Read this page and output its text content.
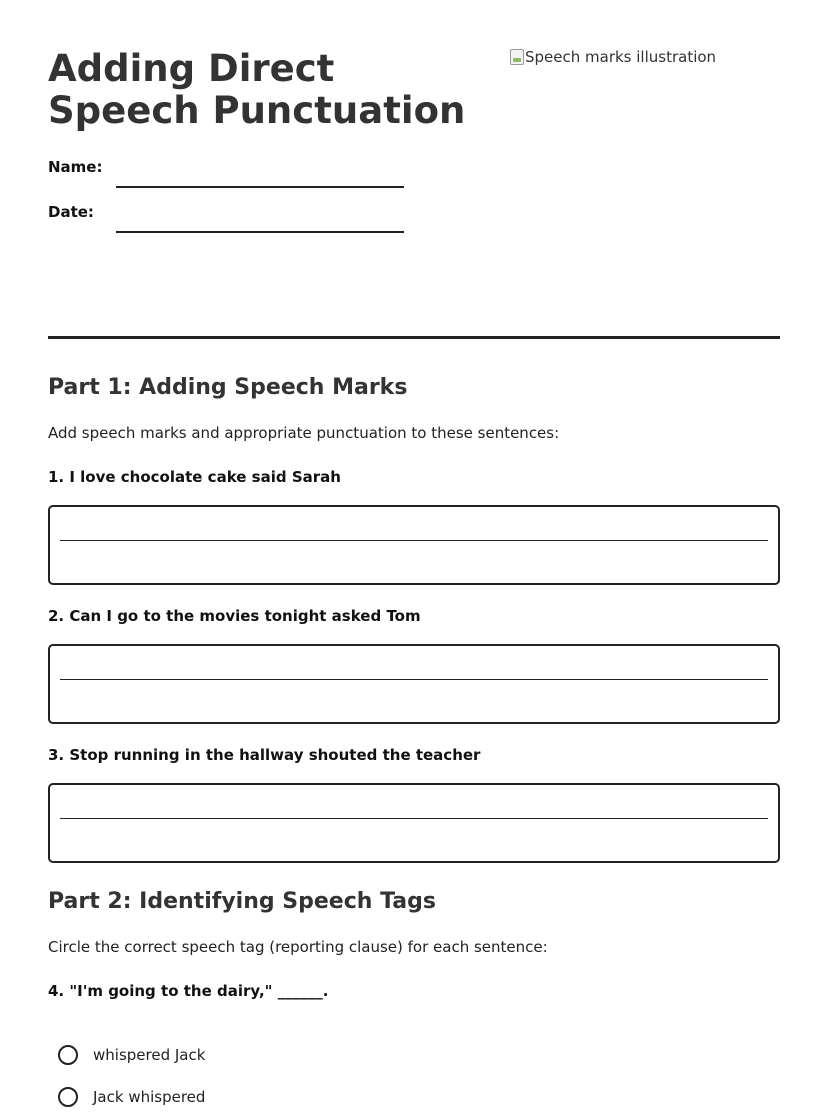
Adding Direct Speech Punctuation
Speech marks illustration
Name:
Date:
Part 1: Adding Speech Marks
Add speech marks and appropriate punctuation to these sentences:
1. I love chocolate cake said Sarah
2. Can I go to the movies tonight asked Tom
3. Stop running in the hallway shouted the teacher
Part 2: Identifying Speech Tags
Circle the correct speech tag (reporting clause) for each sentence:
4. "I'm going to the dairy," ______.
whispered Jack
Jack whispered
